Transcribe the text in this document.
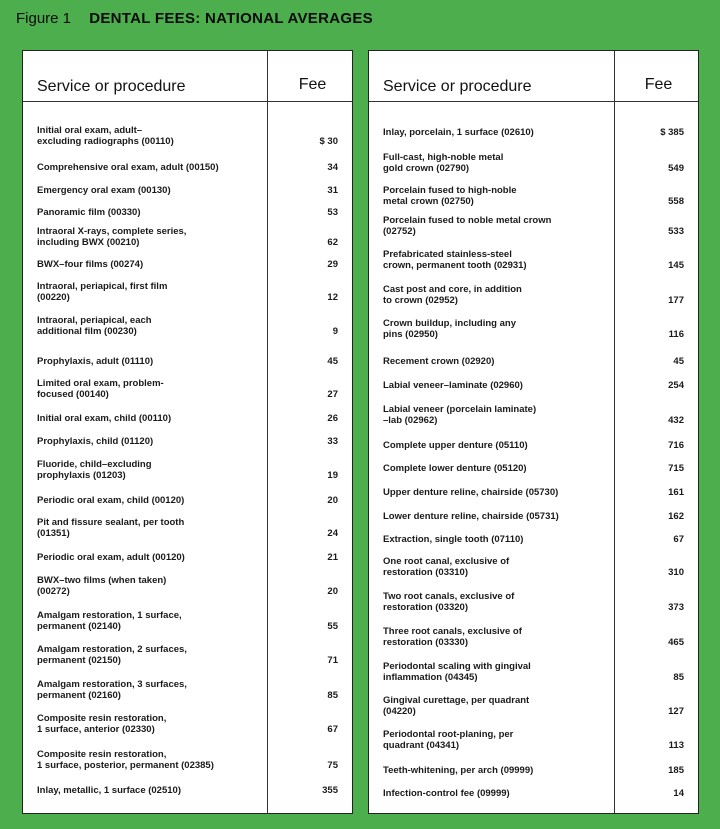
Figure 1 DENTAL FEES: NATIONAL AVERAGES
Service or procedure	Fee
Initial oral exam, adult–
excluding radiographs (00110)	$ 30
Comprehensive oral exam, adult (00150)	34
Emergency oral exam (00130)	31
Panoramic film (00330)	53
Intraoral X-rays, complete series,
including BWX (00210)	62
BWX–four films (00274)	29
Intraoral, periapical, first film
(00220)	12
Intraoral, periapical, each
additional film (00230)	9
Prophylaxis, adult (01110)	45
Limited oral exam, problem-
focused (00140)	27
Initial oral exam, child (00110)	26
Prophylaxis, child (01120)	33
Fluoride, child–excluding
prophylaxis (01203)	19
Periodic oral exam, child (00120)	20
Pit and fissure sealant, per tooth
(01351)	24
Periodic oral exam, adult (00120)	21
BWX–two films (when taken)
(00272)	20
Amalgam restoration, 1 surface,
permanent (02140)	55
Amalgam restoration, 2 surfaces,
permanent (02150)	71
Amalgam restoration, 3 surfaces,
permanent (02160)	85
Composite resin restoration,
1 surface, anterior (02330)	67
Composite resin restoration,
1 surface, posterior, permanent (02385)	75
Inlay, metallic, 1 surface (02510)	355
Service or procedure	Fee
Inlay, porcelain, 1 surface (02610)	$ 385
Full-cast, high-noble metal
gold crown (02790)	549
Porcelain fused to high-noble
metal crown (02750)	558
Porcelain fused to noble metal crown
(02752)	533
Prefabricated stainless-steel
crown, permanent tooth (02931)	145
Cast post and core, in addition
to crown (02952)	177
Crown buildup, including any
pins (02950)	116
Recement crown (02920)	45
Labial veneer–laminate (02960)	254
Labial veneer (porcelain laminate)
–lab (02962)	432
Complete upper denture (05110)	716
Complete lower denture (05120)	715
Upper denture reline, chairside (05730)	161
Lower denture reline, chairside (05731)	162
Extraction, single tooth (07110)	67
One root canal, exclusive of
restoration (03310)	310
Two root canals, exclusive of
restoration (03320)	373
Three root canals, exclusive of
restoration (03330)	465
Periodontal scaling with gingival
inflammation (04345)	85
Gingival curettage, per quadrant
(04220)	127
Periodontal root-planing, per
quadrant (04341)	113
Teeth-whitening, per arch (09999)	185
Infection-control fee (09999)	14
